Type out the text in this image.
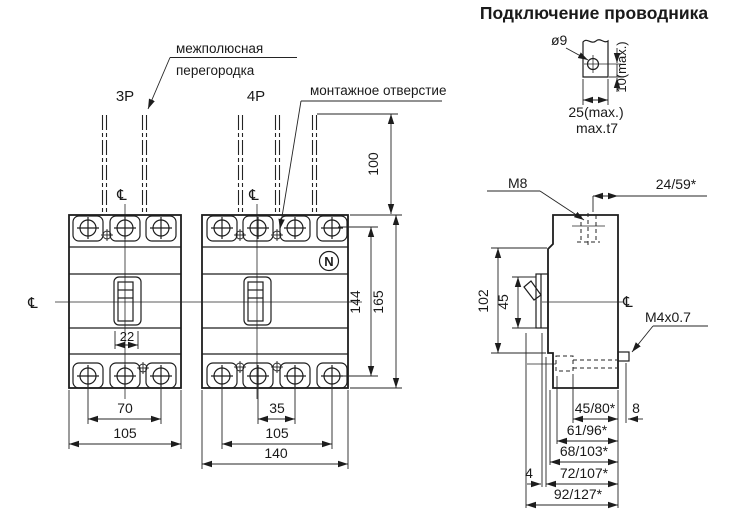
N
℄
℄	℄
3P	4P
межполюсная
перегородка
монтажное отверстие
100
144 165
22
70
105
35
105
140
Подключение проводника
ø9
10(max.)
25(max.)
max.t7
℄
M8
M4x0.7
24/59*
102 45
45/80* 8
61/96*
68/103*
4 72/107*
92/127*
